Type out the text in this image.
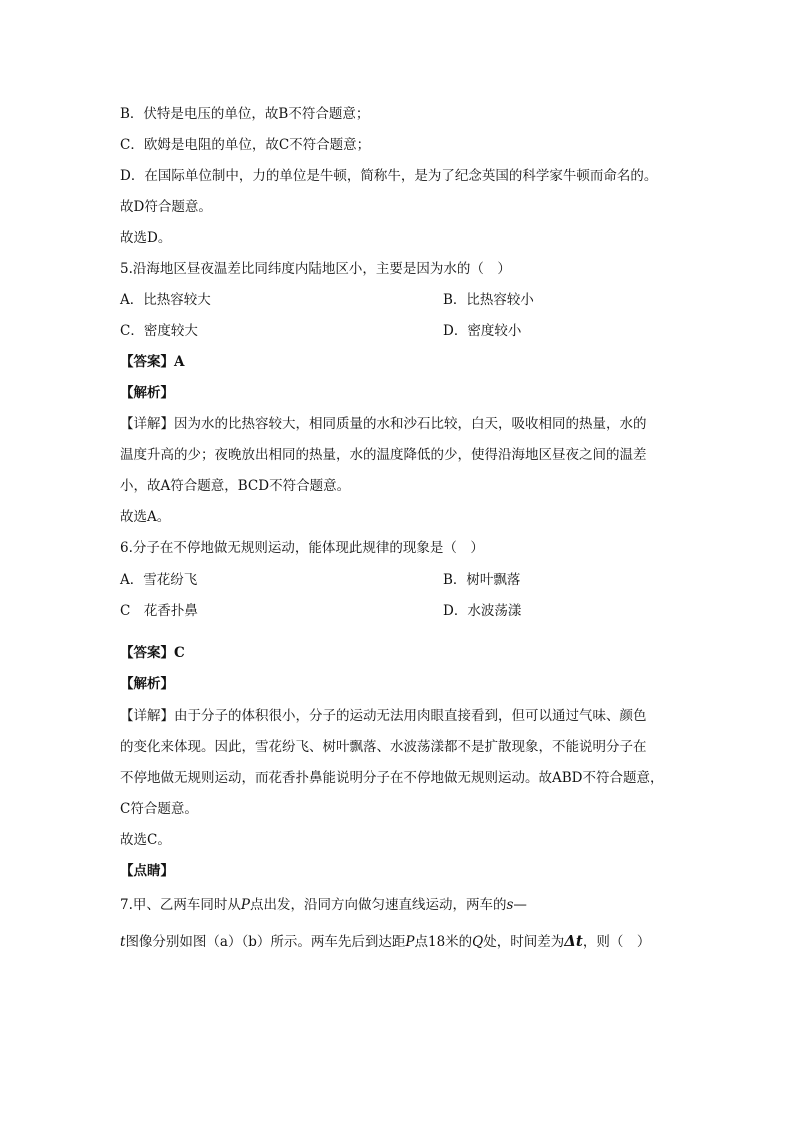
B．伏特是电压的单位，故B不符合题意；
C．欧姆是电阻的单位，故C不符合题意；
D．在国际单位制中，力的单位是牛顿，简称牛，是为了纪念英国的科学家牛顿而命名的。
故D符合题意。
故选D。
5.沿海地区昼夜温差比同纬度内陆地区小，主要是因为水的（　）
A．比热容较大	B．比热容较小
C．密度较大	D．密度较小
【答案】A
【解析】
【详解】因为水的比热容较大，相同质量的水和沙石比较，白天，吸收相同的热量，水的
温度升高的少；夜晚放出相同的热量，水的温度降低的少，使得沿海地区昼夜之间的温差
小，故A符合题意，BCD不符合题意。
故选A。
6.分子在不停地做无规则运动，能体现此规律的现象是（　）
A．雪花纷飞	B．树叶飘落
C　花香扑鼻	D．水波荡漾
【答案】C
【解析】
【详解】由于分子的体积很小，分子的运动无法用肉眼直接看到，但可以通过气味、颜色
的变化来体现。因此，雪花纷飞、树叶飘落、水波荡漾都不是扩散现象，不能说明分子在
不停地做无规则运动，而花香扑鼻能说明分子在不停地做无规则运动。故ABD不符合题意，
C符合题意。
故选C。
【点睛】
7.甲、乙两车同时从P点出发，沿同方向做匀速直线运动，两车的s—
t图像分别如图（a）（b）所示。两车先后到达距P点18米的Q处，时间差为Δt，则（　）
